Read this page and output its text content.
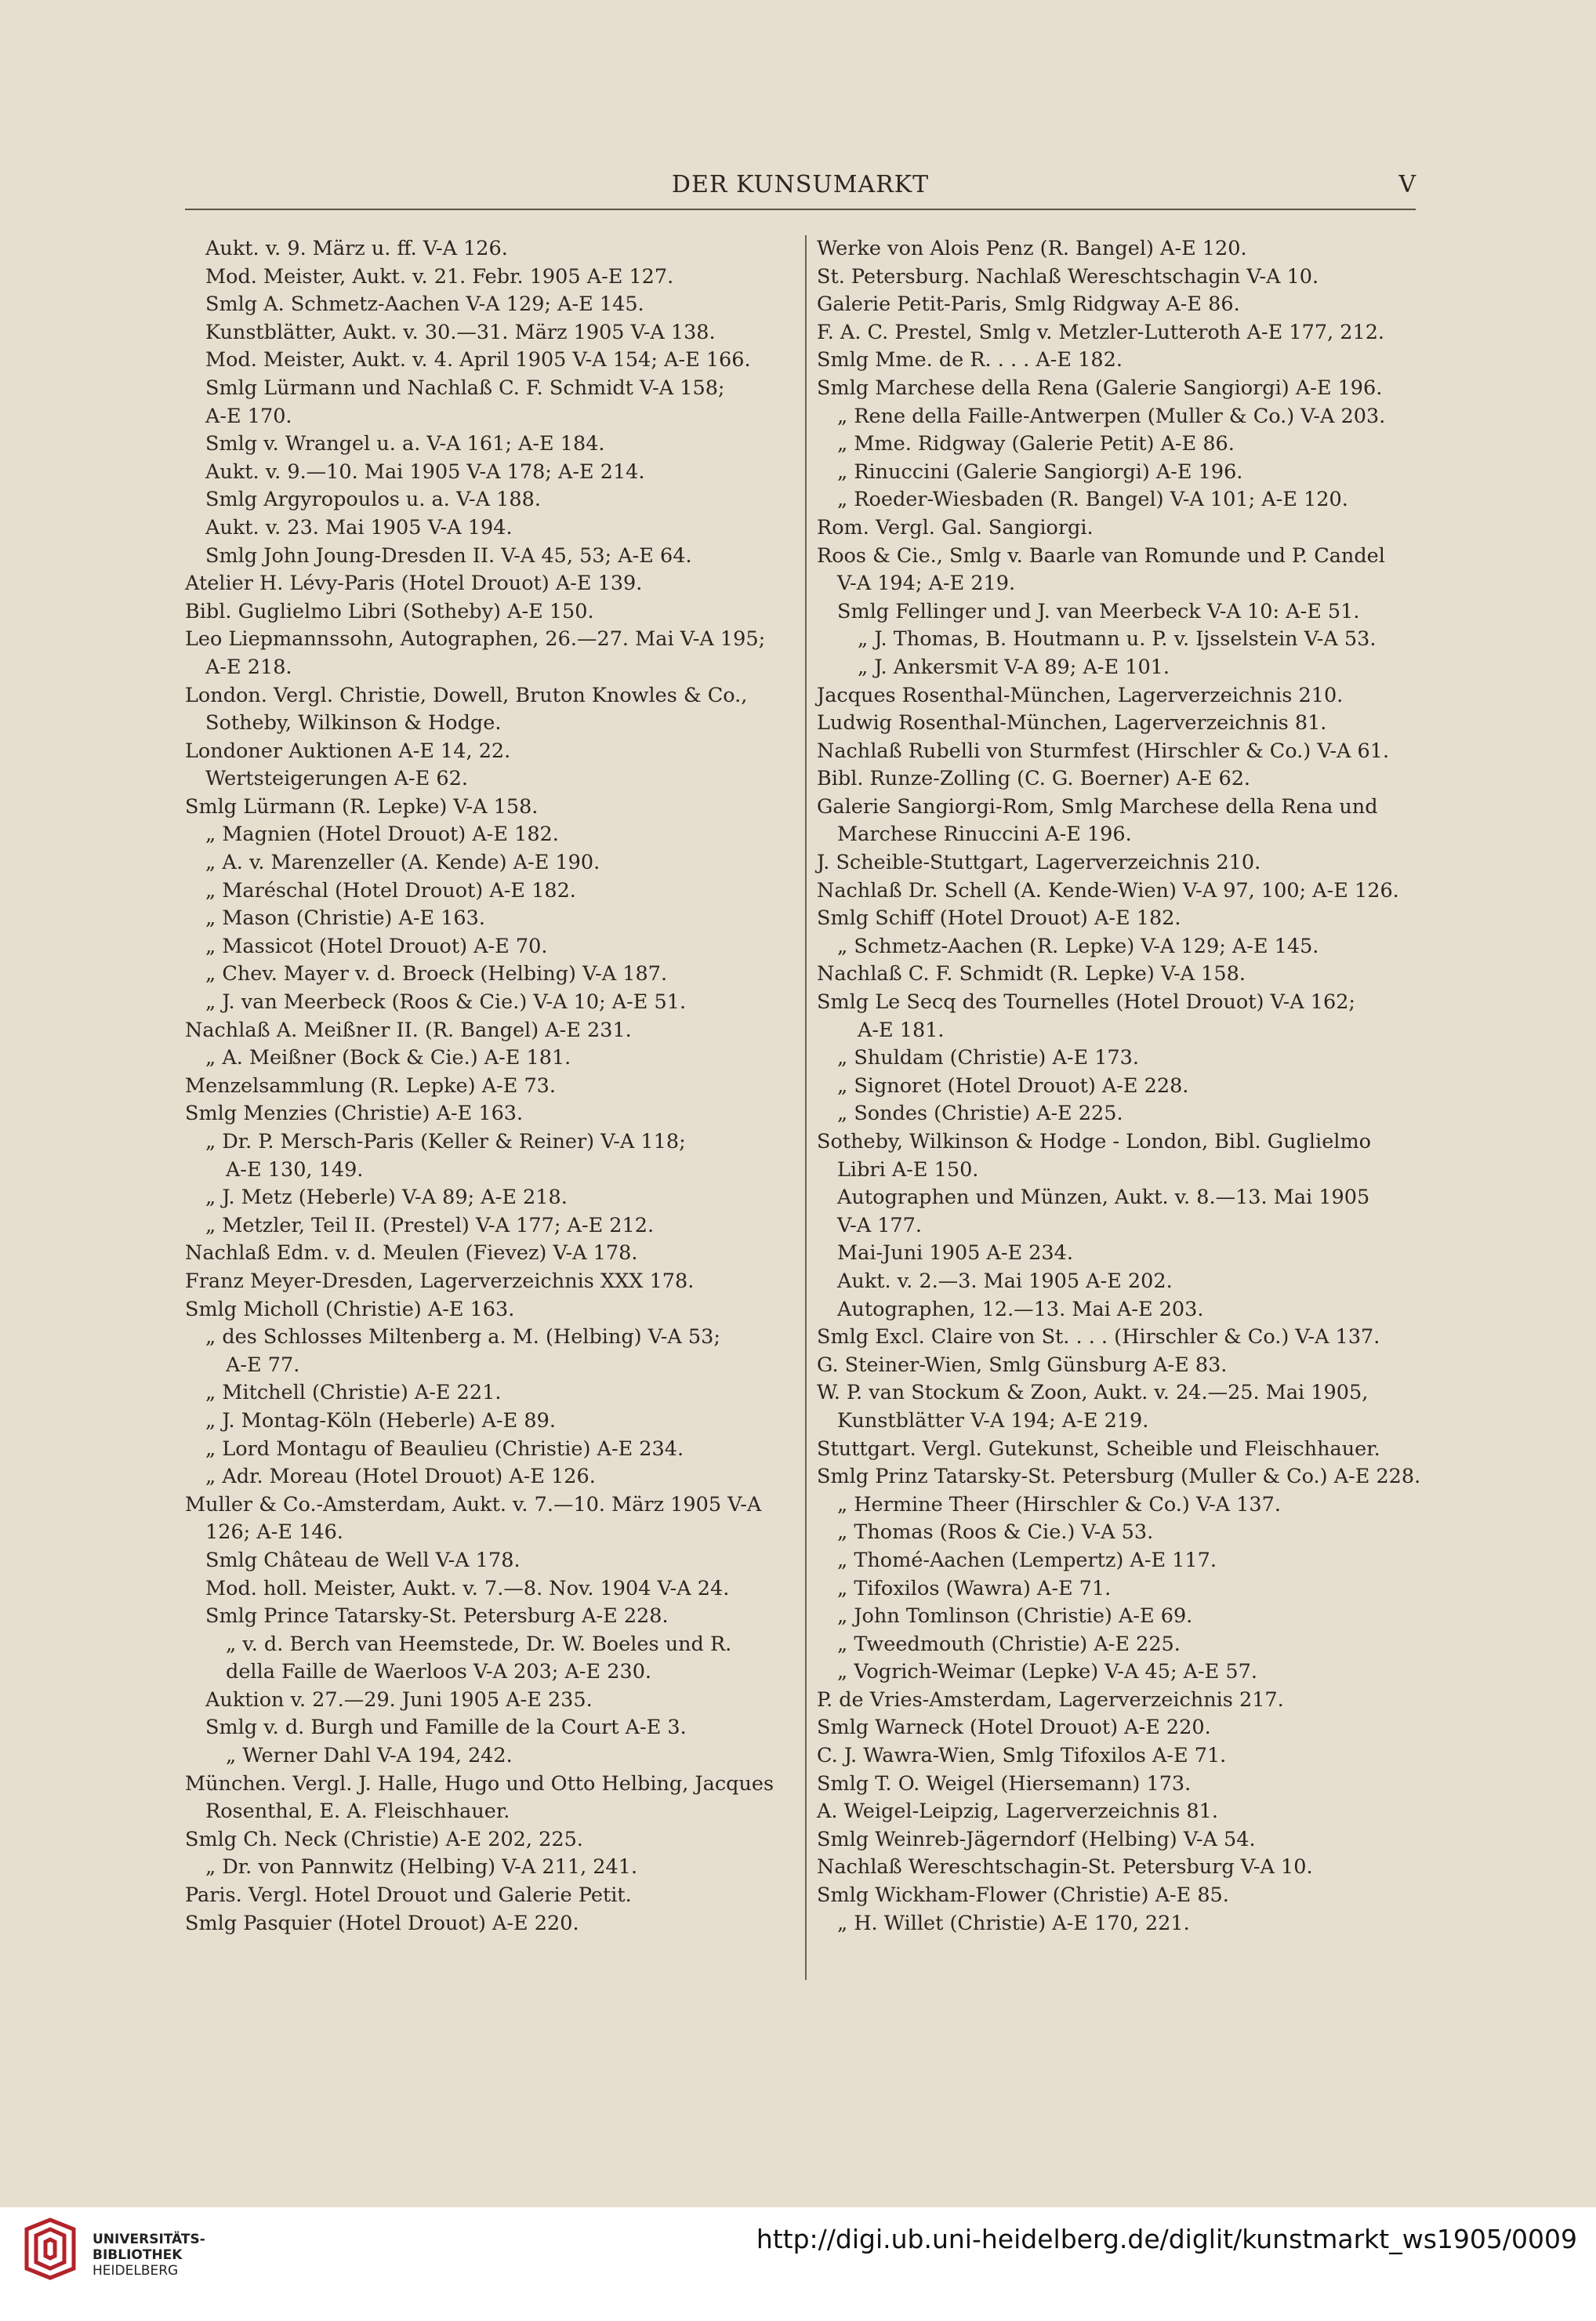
DER KUNSUMARKT	V
Aukt. v. 9. März u. ff. V-A 126.
Mod. Meister, Aukt. v. 21. Febr. 1905 A-E 127.
Smlg A. Schmetz-Aachen V-A 129; A-E 145.
Kunstblätter, Aukt. v. 30.—31. März 1905 V-A 138.
Mod. Meister, Aukt. v. 4. April 1905 V-A 154; A-E 166.
Smlg Lürmann und Nachlaß C. F. Schmidt V-A 158;
A-E 170.
Smlg v. Wrangel u. a. V-A 161; A-E 184.
Aukt. v. 9.—10. Mai 1905 V-A 178; A-E 214.
Smlg Argyropoulos u. a. V-A 188.
Aukt. v. 23. Mai 1905 V-A 194.
Smlg John Joung-Dresden II. V-A 45, 53; A-E 64.
Atelier H. Lévy-Paris (Hotel Drouot) A-E 139.
Bibl. Guglielmo Libri (Sotheby) A-E 150.
Leo Liepmannssohn, Autographen, 26.—27. Mai V-A 195;
A-E 218.
London. Vergl. Christie, Dowell, Bruton Knowles & Co.,
Sotheby, Wilkinson & Hodge.
Londoner Auktionen A-E 14, 22.
Wertsteigerungen A-E 62.
Smlg Lürmann (R. Lepke) V-A 158.
„ Magnien (Hotel Drouot) A-E 182.
„ A. v. Marenzeller (A. Kende) A-E 190.
„ Maréschal (Hotel Drouot) A-E 182.
„ Mason (Christie) A-E 163.
„ Massicot (Hotel Drouot) A-E 70.
„ Chev. Mayer v. d. Broeck (Helbing) V-A 187.
„ J. van Meerbeck (Roos & Cie.) V-A 10; A-E 51.
Nachlaß A. Meißner II. (R. Bangel) A-E 231.
„ A. Meißner (Bock & Cie.) A-E 181.
Menzelsammlung (R. Lepke) A-E 73.
Smlg Menzies (Christie) A-E 163.
„ Dr. P. Mersch-Paris (Keller & Reiner) V-A 118;
A-E 130, 149.
„ J. Metz (Heberle) V-A 89; A-E 218.
„ Metzler, Teil II. (Prestel) V-A 177; A-E 212.
Nachlaß Edm. v. d. Meulen (Fievez) V-A 178.
Franz Meyer-Dresden, Lagerverzeichnis XXX 178.
Smlg Micholl (Christie) A-E 163.
„ des Schlosses Miltenberg a. M. (Helbing) V-A 53;
A-E 77.
„ Mitchell (Christie) A-E 221.
„ J. Montag-Köln (Heberle) A-E 89.
„ Lord Montagu of Beaulieu (Christie) A-E 234.
„ Adr. Moreau (Hotel Drouot) A-E 126.
Muller & Co.-Amsterdam, Aukt. v. 7.—10. März 1905 V-A
126; A-E 146.
Smlg Château de Well V-A 178.
Mod. holl. Meister, Aukt. v. 7.—8. Nov. 1904 V-A 24.
Smlg Prince Tatarsky-St. Petersburg A-E 228.
„ v. d. Berch van Heemstede, Dr. W. Boeles und R.
della Faille de Waerloos V-A 203; A-E 230.
Auktion v. 27.—29. Juni 1905 A-E 235.
Smlg v. d. Burgh und Famille de la Court A-E 3.
„ Werner Dahl V-A 194, 242.
München. Vergl. J. Halle, Hugo und Otto Helbing, Jacques
Rosenthal, E. A. Fleischhauer.
Smlg Ch. Neck (Christie) A-E 202, 225.
„ Dr. von Pannwitz (Helbing) V-A 211, 241.
Paris. Vergl. Hotel Drouot und Galerie Petit.
Smlg Pasquier (Hotel Drouot) A-E 220.
Werke von Alois Penz (R. Bangel) A-E 120.
St. Petersburg. Nachlaß Wereschtschagin V-A 10.
Galerie Petit-Paris, Smlg Ridgway A-E 86.
F. A. C. Prestel, Smlg v. Metzler-Lutteroth A-E 177, 212.
Smlg Mme. de R. . . . A-E 182.
Smlg Marchese della Rena (Galerie Sangiorgi) A-E 196.
„ Rene della Faille-Antwerpen (Muller & Co.) V-A 203.
„ Mme. Ridgway (Galerie Petit) A-E 86.
„ Rinuccini (Galerie Sangiorgi) A-E 196.
„ Roeder-Wiesbaden (R. Bangel) V-A 101; A-E 120.
Rom. Vergl. Gal. Sangiorgi.
Roos & Cie., Smlg v. Baarle van Romunde und P. Candel
V-A 194; A-E 219.
Smlg Fellinger und J. van Meerbeck V-A 10: A-E 51.
„ J. Thomas, B. Houtmann u. P. v. Ijsselstein V-A 53.
„ J. Ankersmit V-A 89; A-E 101.
Jacques Rosenthal-München, Lagerverzeichnis 210.
Ludwig Rosenthal-München, Lagerverzeichnis 81.
Nachlaß Rubelli von Sturmfest (Hirschler & Co.) V-A 61.
Bibl. Runze-Zolling (C. G. Boerner) A-E 62.
Galerie Sangiorgi-Rom, Smlg Marchese della Rena und
Marchese Rinuccini A-E 196.
J. Scheible-Stuttgart, Lagerverzeichnis 210.
Nachlaß Dr. Schell (A. Kende-Wien) V-A 97, 100; A-E 126.
Smlg Schiff (Hotel Drouot) A-E 182.
„ Schmetz-Aachen (R. Lepke) V-A 129; A-E 145.
Nachlaß C. F. Schmidt (R. Lepke) V-A 158.
Smlg Le Secq des Tournelles (Hotel Drouot) V-A 162;
A-E 181.
„ Shuldam (Christie) A-E 173.
„ Signoret (Hotel Drouot) A-E 228.
„ Sondes (Christie) A-E 225.
Sotheby, Wilkinson & Hodge - London, Bibl. Guglielmo
Libri A-E 150.
Autographen und Münzen, Aukt. v. 8.—13. Mai 1905
V-A 177.
Mai-Juni 1905 A-E 234.
Aukt. v. 2.—3. Mai 1905 A-E 202.
Autographen, 12.—13. Mai A-E 203.
Smlg Excl. Claire von St. . . . (Hirschler & Co.) V-A 137.
G. Steiner-Wien, Smlg Günsburg A-E 83.
W. P. van Stockum & Zoon, Aukt. v. 24.—25. Mai 1905,
Kunstblätter V-A 194; A-E 219.
Stuttgart. Vergl. Gutekunst, Scheible und Fleischhauer.
Smlg Prinz Tatarsky-St. Petersburg (Muller & Co.) A-E 228.
„ Hermine Theer (Hirschler & Co.) V-A 137.
„ Thomas (Roos & Cie.) V-A 53.
„ Thomé-Aachen (Lempertz) A-E 117.
„ Tifoxilos (Wawra) A-E 71.
„ John Tomlinson (Christie) A-E 69.
„ Tweedmouth (Christie) A-E 225.
„ Vogrich-Weimar (Lepke) V-A 45; A-E 57.
P. de Vries-Amsterdam, Lagerverzeichnis 217.
Smlg Warneck (Hotel Drouot) A-E 220.
C. J. Wawra-Wien, Smlg Tifoxilos A-E 71.
Smlg T. O. Weigel (Hiersemann) 173.
A. Weigel-Leipzig, Lagerverzeichnis 81.
Smlg Weinreb-Jägerndorf (Helbing) V-A 54.
Nachlaß Wereschtschagin-St. Petersburg V-A 10.
Smlg Wickham-Flower (Christie) A-E 85.
„ H. Willet (Christie) A-E 170, 221.
UNIVERSITÄTS-
BIBLIOTHEK
HEIDELBERG
http://digi.ub.uni-heidelberg.de/diglit/kunstmarkt_ws1905/0009
